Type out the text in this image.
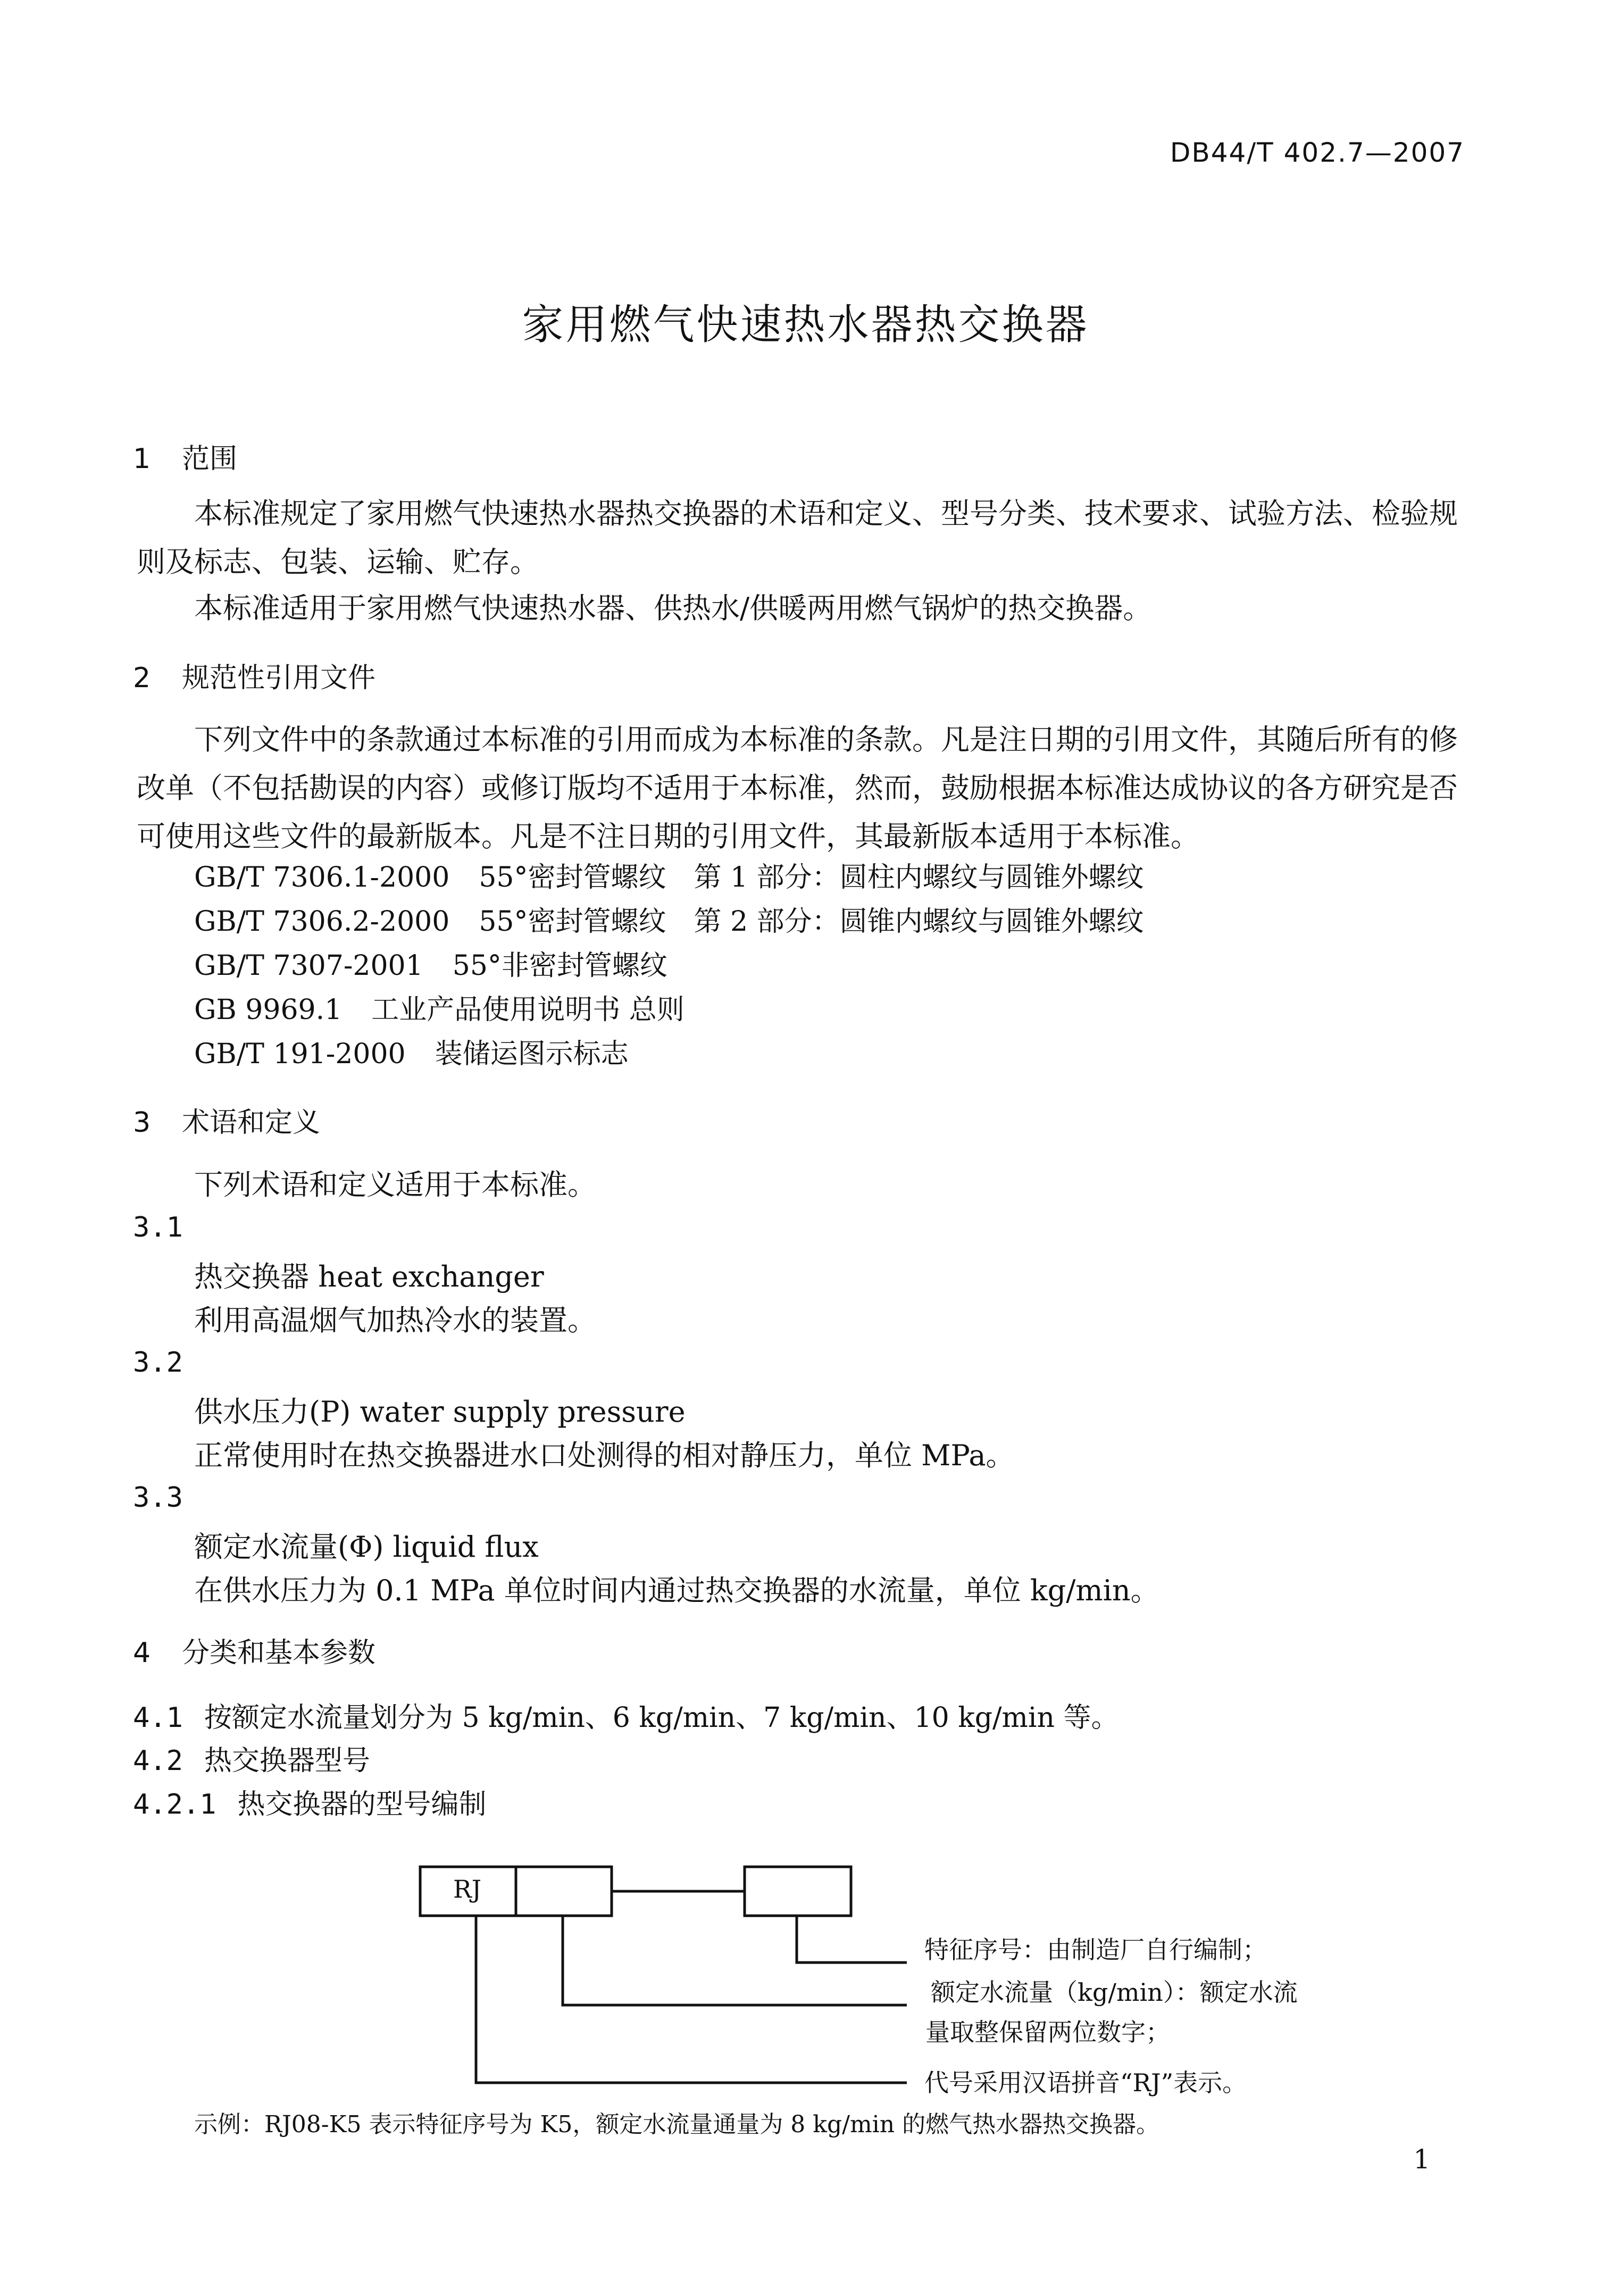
DB44/T 402.7—2007
家用燃气快速热水器热交换器
1 范围
本标准规定了家用燃气快速热水器热交换器的术语和定义、型号分类、技术要求、试验方法、检验规则及标志、包装、运输、贮存。
本标准适用于家用燃气快速热水器、供热水/供暖两用燃气锅炉的热交换器。
2 规范性引用文件
下列文件中的条款通过本标准的引用而成为本标准的条款。凡是注日期的引用文件，其随后所有的修改单（不包括勘误的内容）或修订版均不适用于本标准，然而，鼓励根据本标准达成协议的各方研究是否可使用这些文件的最新版本。凡是不注日期的引用文件，其最新版本适用于本标准。
GB/T 7306.1-2000 55°密封管螺纹　第 1 部分：圆柱内螺纹与圆锥外螺纹
GB/T 7306.2-2000 55°密封管螺纹　第 2 部分：圆锥内螺纹与圆锥外螺纹
GB/T 7307-2001 55°非密封管螺纹
GB 9969.1 工业产品使用说明书 总则
GB/T 191-2000 装储运图示标志
3 术语和定义
下列术语和定义适用于本标准。
3.1
热交换器 heat exchanger
利用高温烟气加热冷水的装置。
3.2
供水压力(P) water supply pressure
正常使用时在热交换器进水口处测得的相对静压力，单位 MPa。
3.3
额定水流量(Φ) liquid flux
在供水压力为 0.1 MPa 单位时间内通过热交换器的水流量，单位 kg/min。
4 分类和基本参数
4.1 按额定水流量划分为 5 kg/min、6 kg/min、7 kg/min、10 kg/min 等。
4.2 热交换器型号
4.2.1 热交换器的型号编制
RJ
特征序号：由制造厂自行编制；
额定水流量（kg/min）：额定水流
量取整保留两位数字；
代号采用汉语拼音“RJ”表示。
示例：RJ08-K5 表示特征序号为 K5，额定水流量通量为 8 kg/min 的燃气热水器热交换器。
1
